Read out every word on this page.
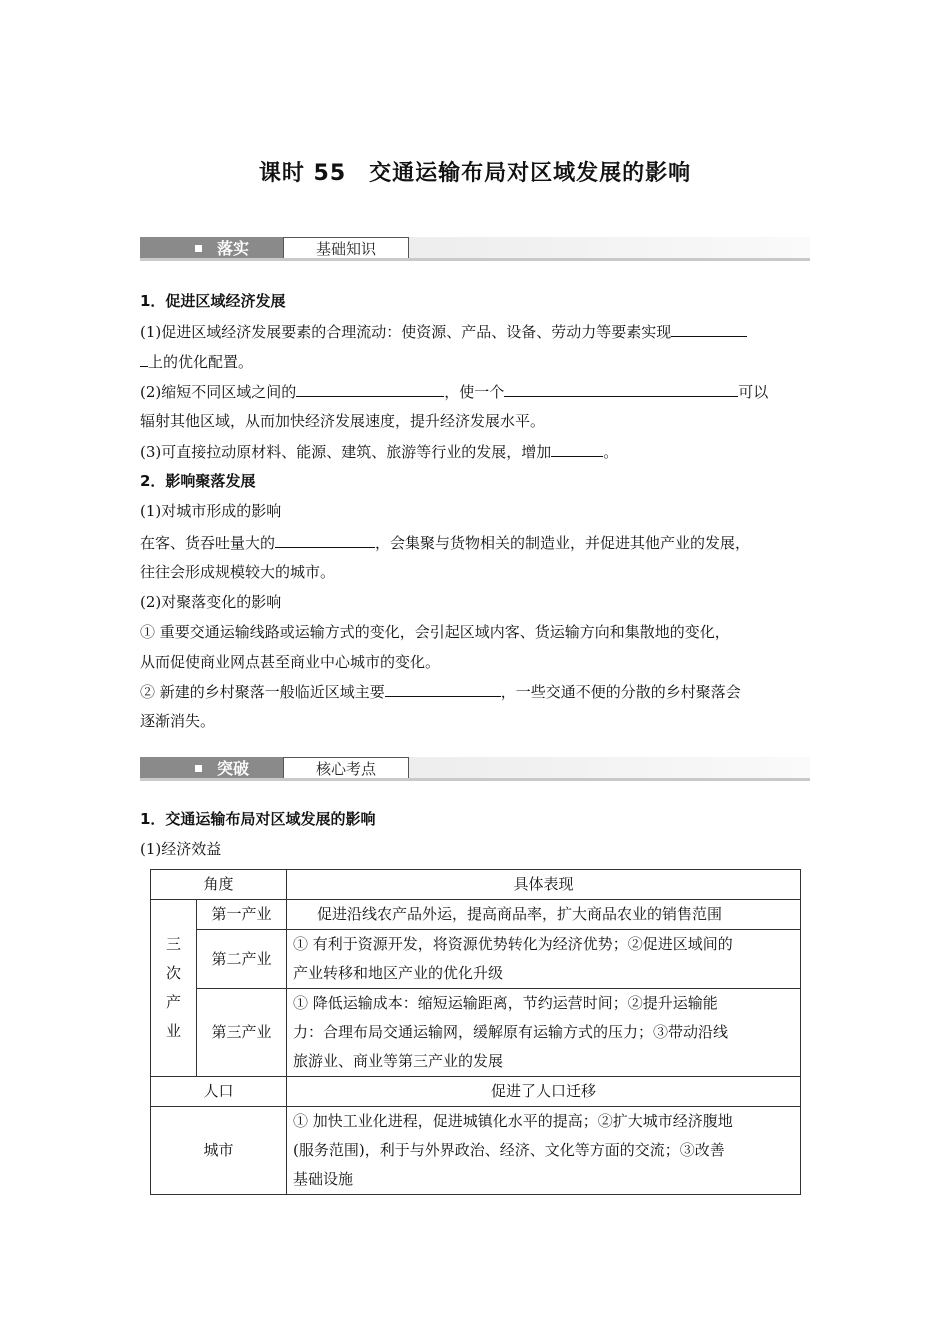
课时 55　交通运输布局对区域发展的影响
落实	基础知识
1．促进区域经济发展
(1)促进区域经济发展要素的合理流动：使资源、产品、设备、劳动力等要素实现
上的优化配置。
(2)缩短不同区域之间的	，使一个	可以
辐射其他区域，从而加快经济发展速度，提升经济发展水平。
(3)可直接拉动原材料、能源、建筑、旅游等行业的发展，增加	。
2．影响聚落发展
(1)对城市形成的影响
在客、货吞吐量大的	，会集聚与货物相关的制造业，并促进其他产业的发展，
往往会形成规模较大的城市。
(2)对聚落变化的影响
① 重要交通运输线路或运输方式的变化，会引起区域内客、货运输方向和集散地的变化，
从而促使商业网点甚至商业中心城市的变化。
② 新建的乡村聚落一般临近区域主要	，一些交通不便的分散的乡村聚落会
逐渐消失。
突破	核心考点
1．交通运输布局对区域发展的影响
(1)经济效益
角度		具体表现

三
次
产
业	第一产业	促进沿线农产品外运，提高商品率，扩大商品农业的销售范围

	第二产业	① 有利于资源开发，将资源优势转化为经济优势；②促进区域间的
产业转移和地区产业的优化升级

	第三产业	① 降低运输成本：缩短运输距离，节约运营时间；②提升运输能
力：合理布局交通运输网，缓解原有运输方式的压力；③带动沿线
旅游业、商业等第三产业的发展

人口		促进了人口迁移

城市		① 加快工业化进程，促进城镇化水平的提高；②扩大城市经济腹地
(服务范围)，利于与外界政治、经济、文化等方面的交流；③改善
基础设施
